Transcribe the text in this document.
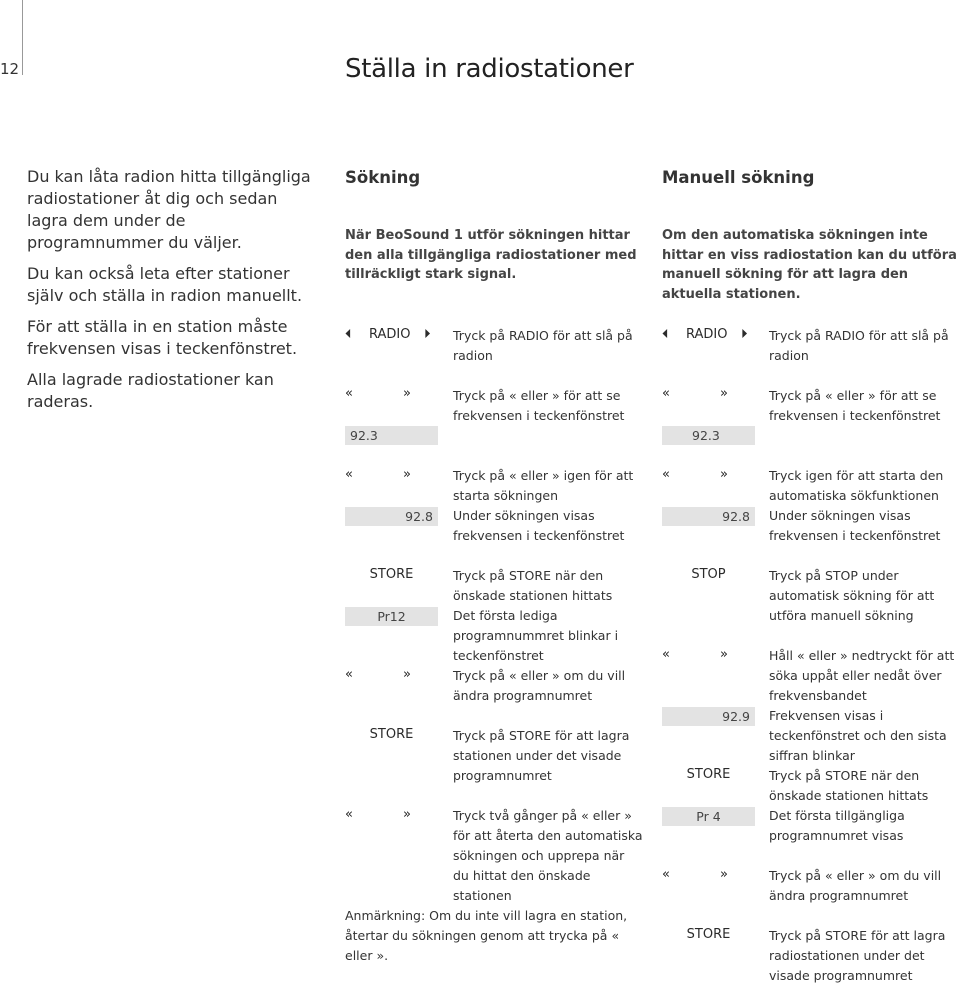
12	Ställa in radiostationer

Du kan låta radion hitta tillgängliga radiostationer åt dig och sedan lagra dem under de programnummer du väljer.

Du kan också leta efter stationer själv och ställa in radion manuellt.

För att ställa in en station måste frekvensen visas i teckenfönstret.

Alla lagrade radiostationer kan raderas.

Sökning
När BeoSound 1 utför sökningen hittar den alla tillgängliga radiostationer med tillräckligt stark signal.
⏴ RADIO ⏵ Tryck på RADIO för att slå på radion
«	»	Tryck på « eller » för att se frekvensen i teckenfönstret
92.3
«	»	Tryck på « eller » igen för att starta sökningen
92.8	Under sökningen visas frekvensen i teckenfönstret
STORE	Tryck på STORE när den önskade stationen hittats
Pr12	Det första lediga programnummret blinkar i teckenfönstret
«	»	Tryck på « eller » om du vill ändra programnumret
STORE	Tryck på STORE för att lagra stationen under det visade programnumret
«	»	Tryck två gånger på « eller » för att återta den automatiska sökningen och upprepa när du hittat den önskade stationen
Anmärkning: Om du inte vill lagra en station, återtar du sökningen genom att trycka på « eller ».
Manuell sökning
Om den automatiska sökningen inte hittar en viss radiostation kan du utföra manuell sökning för att lagra den aktuella stationen.
⏴ RADIO ⏵ Tryck på RADIO för att slå på radion
«	»	Tryck på « eller » för att se frekvensen i teckenfönstret
92.3
«	»	Tryck igen för att starta den automatiska sökfunktionen
92.8	Under sökningen visas frekvensen i teckenfönstret
STOP	Tryck på STOP under automatisk sökning för att utföra manuell sökning
«	»	Håll « eller » nedtryckt för att söka uppåt eller nedåt över frekvensbandet
92.9	Frekvensen visas i teckenfönstret och den sista siffran blinkar
STORE	Tryck på STORE när den önskade stationen hittats
Pr 4	Det första tillgängliga programnumret visas
«	»	Tryck på « eller » om du vill ändra programnumret
STORE	Tryck på STORE för att lagra radiostationen under det visade programnumret
